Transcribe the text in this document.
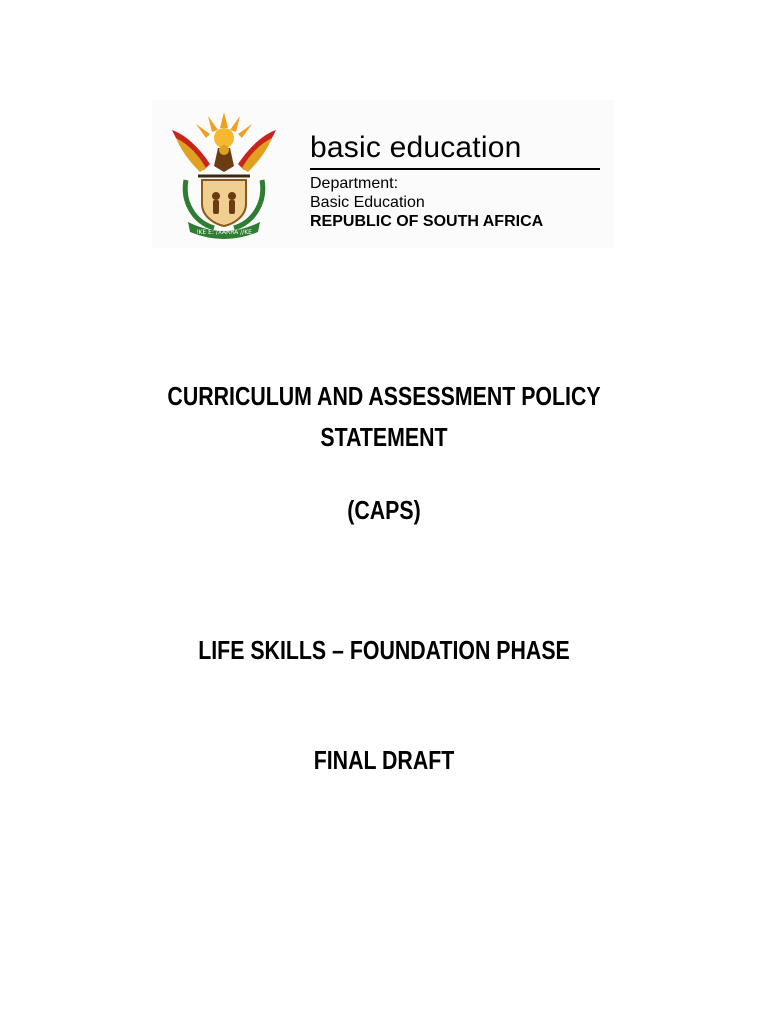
!KE E: /XARRA //KE
basic education
Department:
Basic Education
REPUBLIC OF SOUTH AFRICA
CURRICULUM AND ASSESSMENT POLICY
STATEMENT
(CAPS)
LIFE SKILLS – FOUNDATION PHASE
FINAL DRAFT
